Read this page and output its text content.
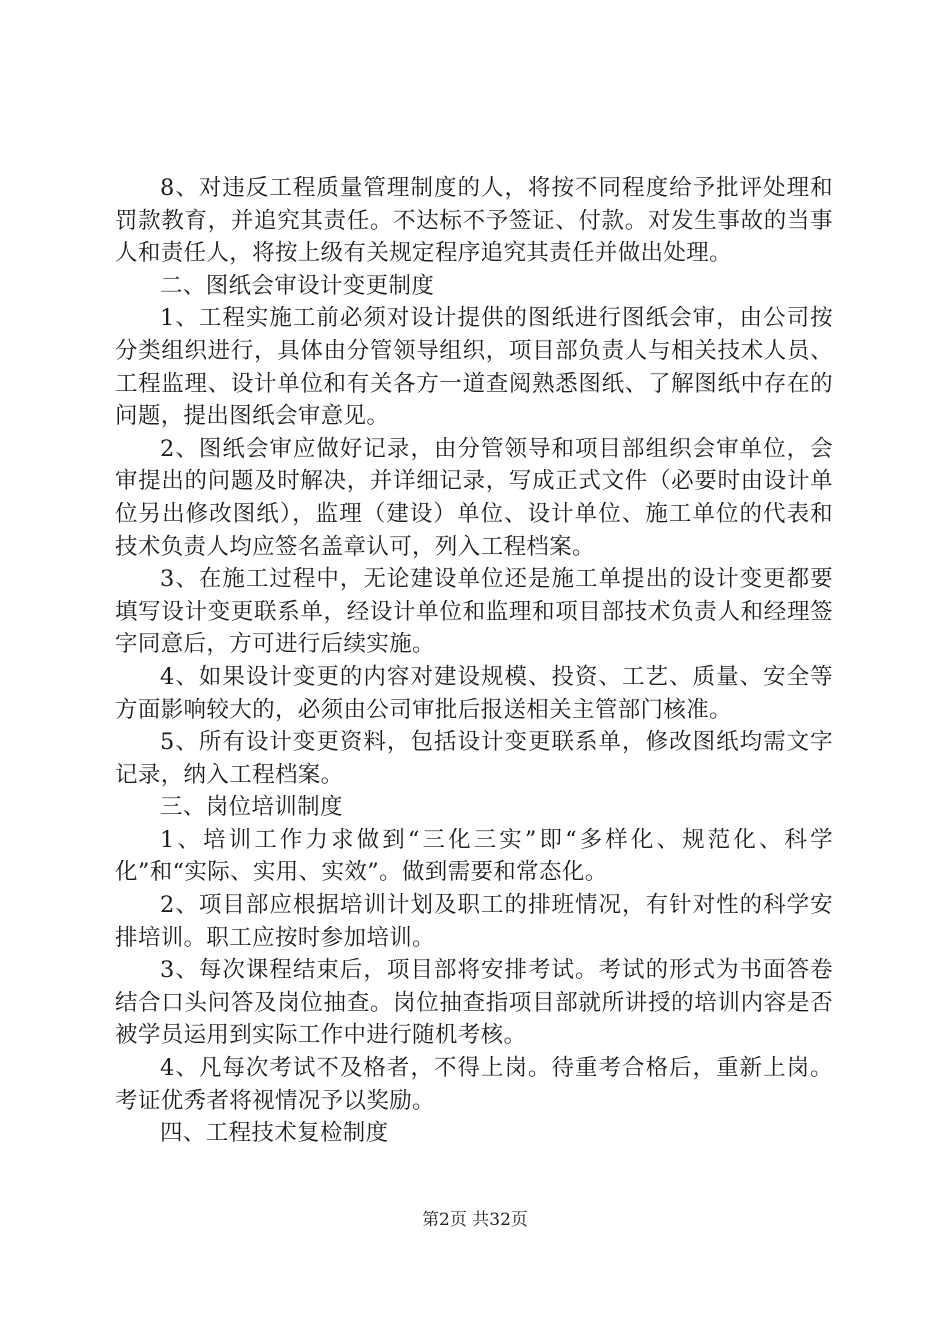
8、对违反工程质量管理制度的人，将按不同程度给予批评处理和罚款教育，并追究其责任。不达标不予签证、付款。对发生事故的当事人和责任人，将按上级有关规定程序追究其责任并做出处理。

二、图纸会审设计变更制度

1、工程实施工前必须对设计提供的图纸进行图纸会审，由公司按分类组织进行，具体由分管领导组织，项目部负责人与相关技术人员、工程监理、设计单位和有关各方一道查阅熟悉图纸、了解图纸中存在的问题，提出图纸会审意见。

2、图纸会审应做好记录，由分管领导和项目部组织会审单位，会审提出的问题及时解决，并详细记录，写成正式文件（必要时由设计单位另出修改图纸），监理（建设）单位、设计单位、施工单位的代表和技术负责人均应签名盖章认可，列入工程档案。

3、在施工过程中，无论建设单位还是施工单提出的设计变更都要填写设计变更联系单，经设计单位和监理和项目部技术负责人和经理签字同意后，方可进行后续实施。

4、如果设计变更的内容对建设规模、投资、工艺、质量、安全等方面影响较大的，必须由公司审批后报送相关主管部门核准。

5、所有设计变更资料，包括设计变更联系单，修改图纸均需文字记录，纳入工程档案。

三、岗位培训制度

1、培训工作力求做到“三化三实”即“多样化、规范化、科学化”和“实际、实用、实效”。做到需要和常态化。

2、项目部应根据培训计划及职工的排班情况，有针对性的科学安排培训。职工应按时参加培训。

3、每次课程结束后，项目部将安排考试。考试的形式为书面答卷结合口头问答及岗位抽查。岗位抽查指项目部就所讲授的培训内容是否被学员运用到实际工作中进行随机考核。

4、凡每次考试不及格者，不得上岗。待重考合格后，重新上岗。考证优秀者将视情况予以奖励。

四、工程技术复检制度

第2页 共32页
